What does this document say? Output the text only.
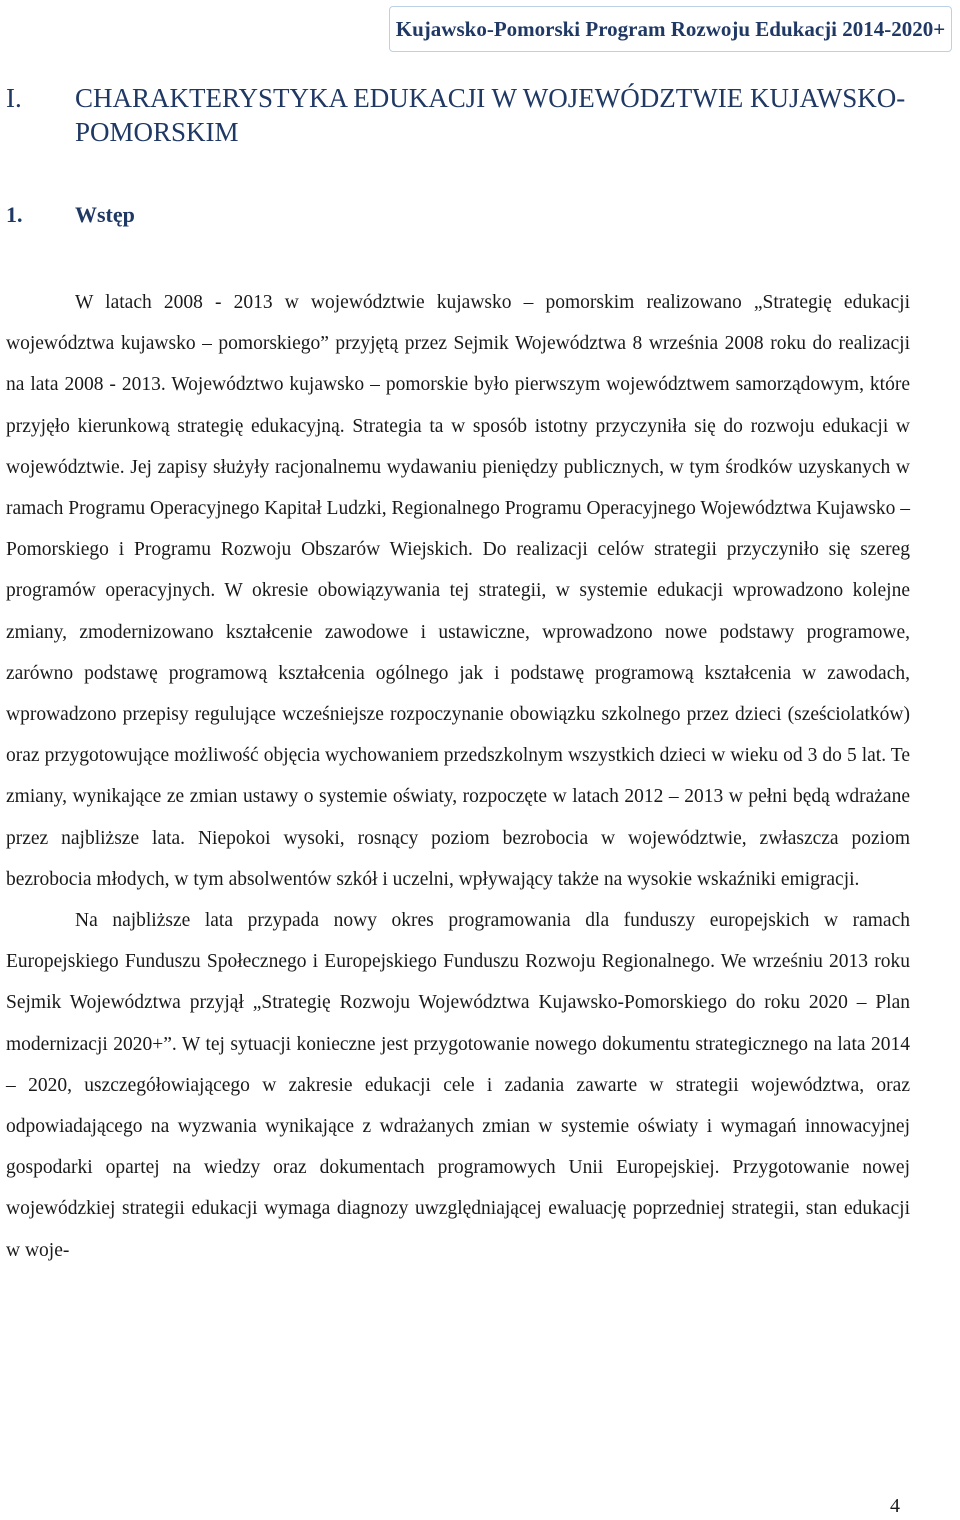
Kujawsko-Pomorski Program Rozwoju Edukacji 2014-2020+
I. CHARAKTERYSTYKA EDUKACJI W WOJEWÓDZTWIE KUJAWSKO-POMORSKIM
1. Wstęp

W latach 2008 - 2013 w województwie kujawsko – pomorskim realizowano „Strategię edukacji województwa kujawsko – pomorskiego” przyjętą przez Sejmik Województwa 8 września 2008 roku do realizacji na lata 2008 - 2013. Województwo kujawsko – pomorskie było pierwszym województwem samorządowym, które przyjęło kierunkową strategię edukacyjną. Strategia ta w sposób istotny przyczyniła się do rozwoju edukacji w województwie. Jej zapisy służyły racjonalnemu wydawaniu pieniędzy publicznych, w tym środków uzyskanych w ramach Programu Operacyjnego Kapitał Ludzki, Regionalnego Programu Operacyjnego Województwa Kujawsko – Pomorskiego i Programu Rozwoju Obszarów Wiejskich. Do realizacji celów strategii przyczyniło się szereg programów operacyjnych. W okresie obowiązywania tej strategii, w systemie edukacji wprowadzono kolejne zmiany, zmodernizowano kształcenie zawodowe i ustawiczne, wprowadzono nowe podstawy programowe, zarówno podstawę programową kształcenia ogólnego jak i podstawę programową kształcenia w zawodach, wprowadzono przepisy regulujące wcześniejsze rozpoczynanie obowiązku szkolnego przez dzieci (sześciolatków) oraz przygotowujące możliwość objęcia wychowaniem przedszkolnym wszystkich dzieci w wieku od 3 do 5 lat. Te zmiany, wynikające ze zmian ustawy o systemie oświaty, rozpoczęte w latach 2012 – 2013 w pełni będą wdrażane przez najbliższe lata. Niepokoi wysoki, rosnący poziom bezrobocia w województwie, zwłaszcza poziom bezrobocia młodych, w tym absolwentów szkół i uczelni, wpływający także na wysokie wskaźniki emigracji.

Na najbliższe lata przypada nowy okres programowania dla funduszy europejskich w ramach Europejskiego Funduszu Społecznego i Europejskiego Funduszu Rozwoju Regionalnego. We wrześniu 2013 roku Sejmik Województwa przyjął „Strategię Rozwoju Województwa Kujawsko-Pomorskiego do roku 2020 – Plan modernizacji 2020+”. W tej sytuacji konieczne jest przygotowanie nowego dokumentu strategicznego na lata 2014 – 2020, uszczegółowiającego w zakresie edukacji cele i zadania zawarte w strategii województwa, oraz odpowiadającego na wyzwania wynikające z wdrażanych zmian w systemie oświaty i wymagań innowacyjnej gospodarki opartej na wiedzy oraz dokumentach programowych Unii Europejskiej. Przygotowanie nowej wojewódzkiej strategii edukacji wymaga diagnozy uwzględniającej ewaluację poprzedniej strategii, stan edukacji w woje-

4
